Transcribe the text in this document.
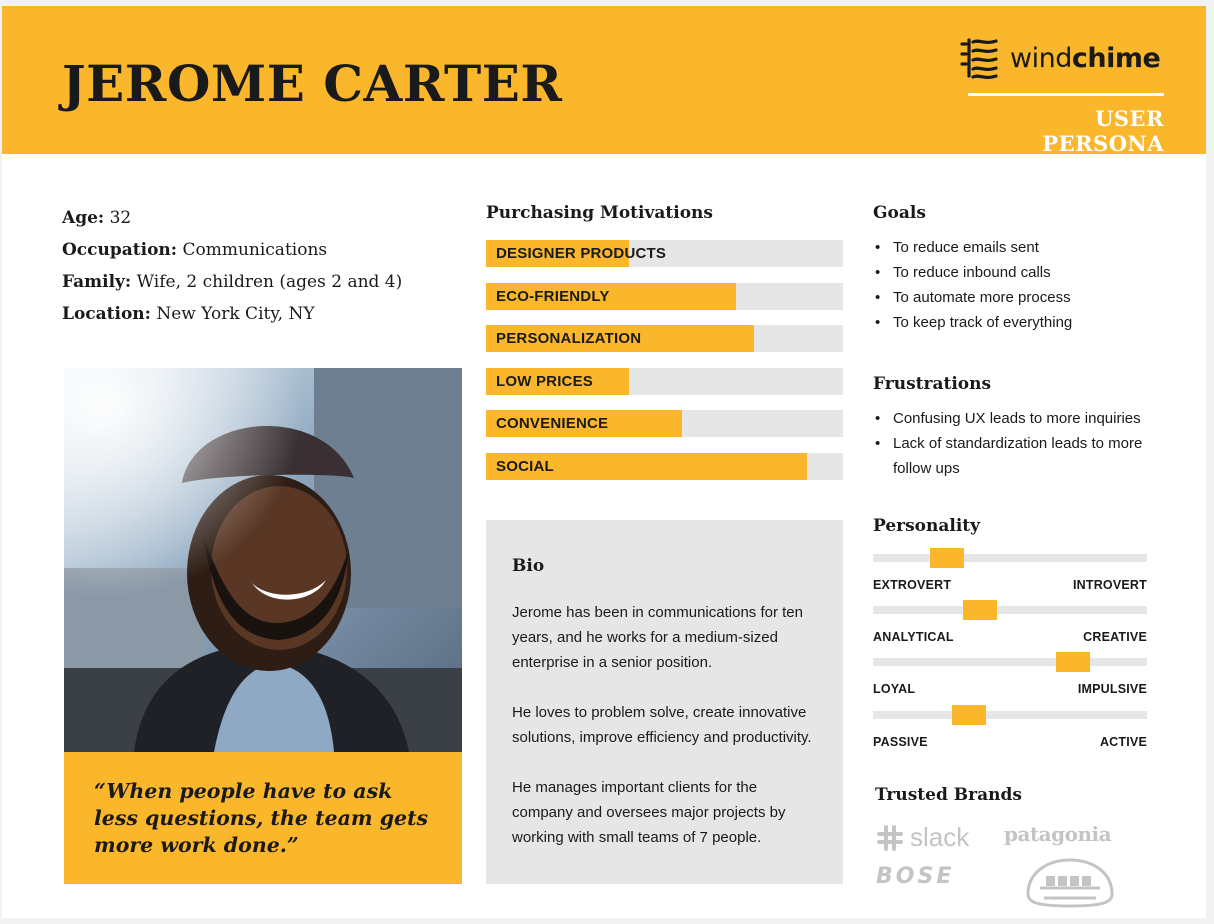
JEROME CARTER	windchime
USER PERSONA
Age: 32
Occupation: Communications
Family: Wife, 2 children (ages 2 and 4)
Location: New York City, NY
“When people have to ask less questions, the team gets more work done.”
Purchasing Motivations
DESIGNER PRODUCTS
ECO-FRIENDLY
PERSONALIZATION
LOW PRICES
CONVENIENCE
SOCIAL
Bio

Jerome has been in communications for ten years, and he works for a medium-sized enterprise in a senior position.

He loves to problem solve, create innovative solutions, improve efficiency and productivity.

He manages important clients for the company and oversees major projects by working with small teams of 7 people.

Goals
• To reduce emails sent
• To reduce inbound calls
• To automate more process
• To keep track of everything
Frustrations
• Confusing UX leads to more inquiries
• Lack of standardization leads to more follow ups
Personality
EXTROVERT	INTROVERT
ANALYTICAL	CREATIVE
LOYAL	IMPULSIVE
PASSIVE	ACTIVE
Trusted Brands
slack patagonia
BOSE
